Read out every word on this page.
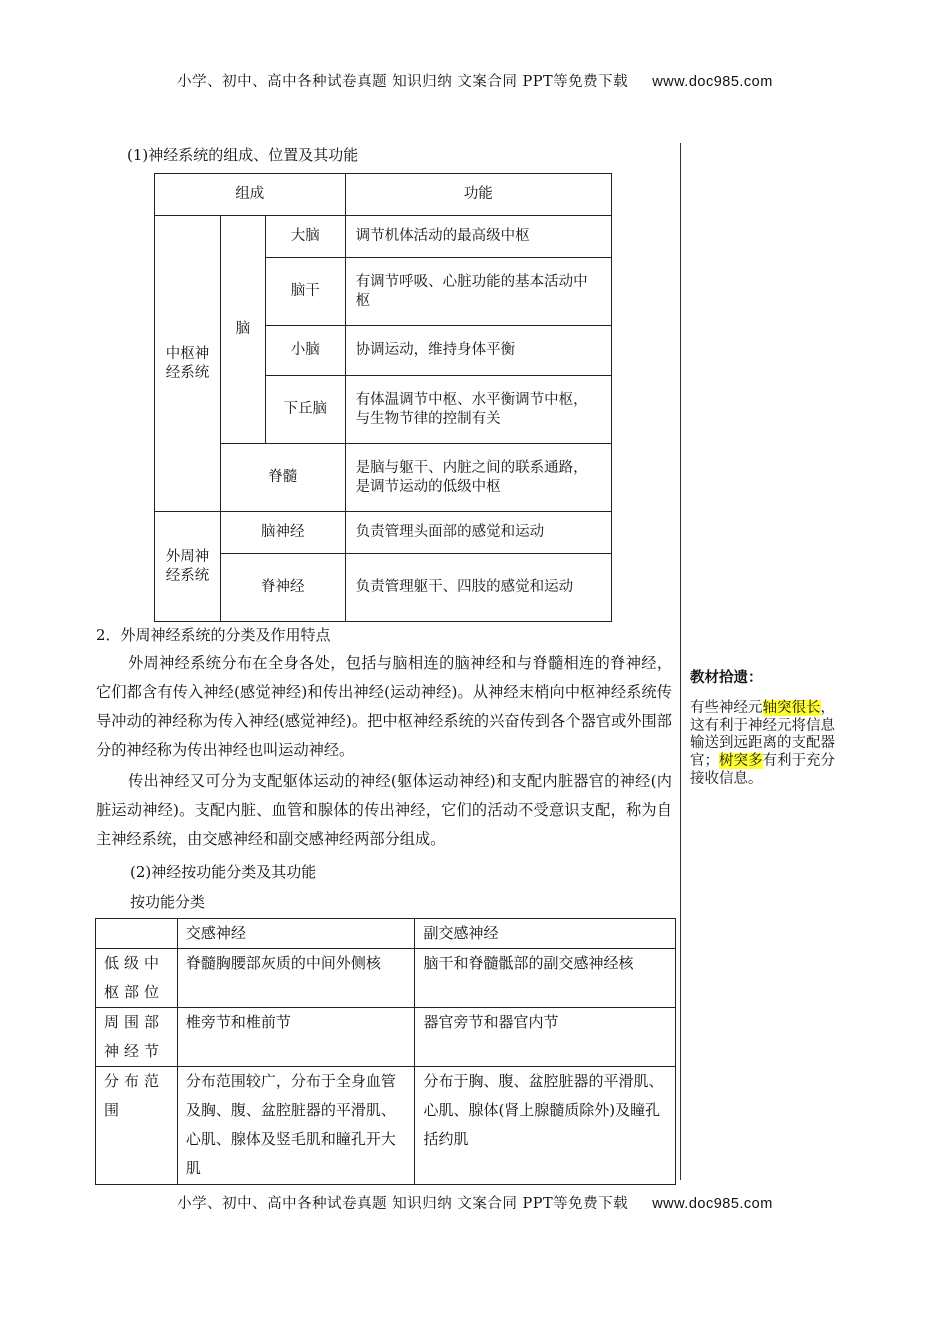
小学、初中、高中各种试卷真题 知识归纳 文案合同 PPT等免费下载 www.doc985.com
(1)神经系统的组成、位置及其功能
组成			功能

中枢神经系统	脑	大脑	调节机体活动的最高级中枢
		脑干	有调节呼吸、心脏功能的基本活动中枢
		小脑	协调运动，维持身体平衡
		下丘脑	有体温调节中枢、水平衡调节中枢，与生物节律的控制有关
	脊髓		是脑与躯干、内脏之间的联系通路，是调节运动的低级中枢

外周神经系统	脑神经		负责管理头面部的感觉和运动
	脊神经		负责管理躯干、四肢的感觉和运动
2．外周神经系统的分类及作用特点
外周神经系统分布在全身各处，包括与脑相连的脑神经和与脊髓相连的脊神经，它们都含有传入神经(感觉神经)和传出神经(运动神经)。从神经末梢向中枢神经系统传导冲动的神经称为传入神经(感觉神经)。把中枢神经系统的兴奋传到各个器官或外围部分的神经称为传出神经也叫运动神经。
传出神经又可分为支配躯体运动的神经(躯体运动神经)和支配内脏器官的神经(内脏运动神经)。支配内脏、血管和腺体的传出神经，它们的活动不受意识支配，称为自主神经系统，由交感神经和副交感神经两部分组成。
(2)神经按功能分类及其功能
按功能分类
	交感神经	副交感神经
低级中枢部位	脊髓胸腰部灰质的中间外侧核	脑干和脊髓骶部的副交感神经核
周围部神经节	椎旁节和椎前节	器官旁节和器官内节
分布范围	分布范围较广，分布于全身血管及胸、腹、盆腔脏器的平滑肌、心肌、腺体及竖毛肌和瞳孔开大肌	分布于胸、腹、盆腔脏器的平滑肌、心肌、腺体(肾上腺髓质除外)及瞳孔括约肌
教材拾遗：
有些神经元轴突很长，这有利于神经元将信息输送到远距离的支配器官；树突多有利于充分接收信息。
小学、初中、高中各种试卷真题 知识归纳 文案合同 PPT等免费下载 www.doc985.com
